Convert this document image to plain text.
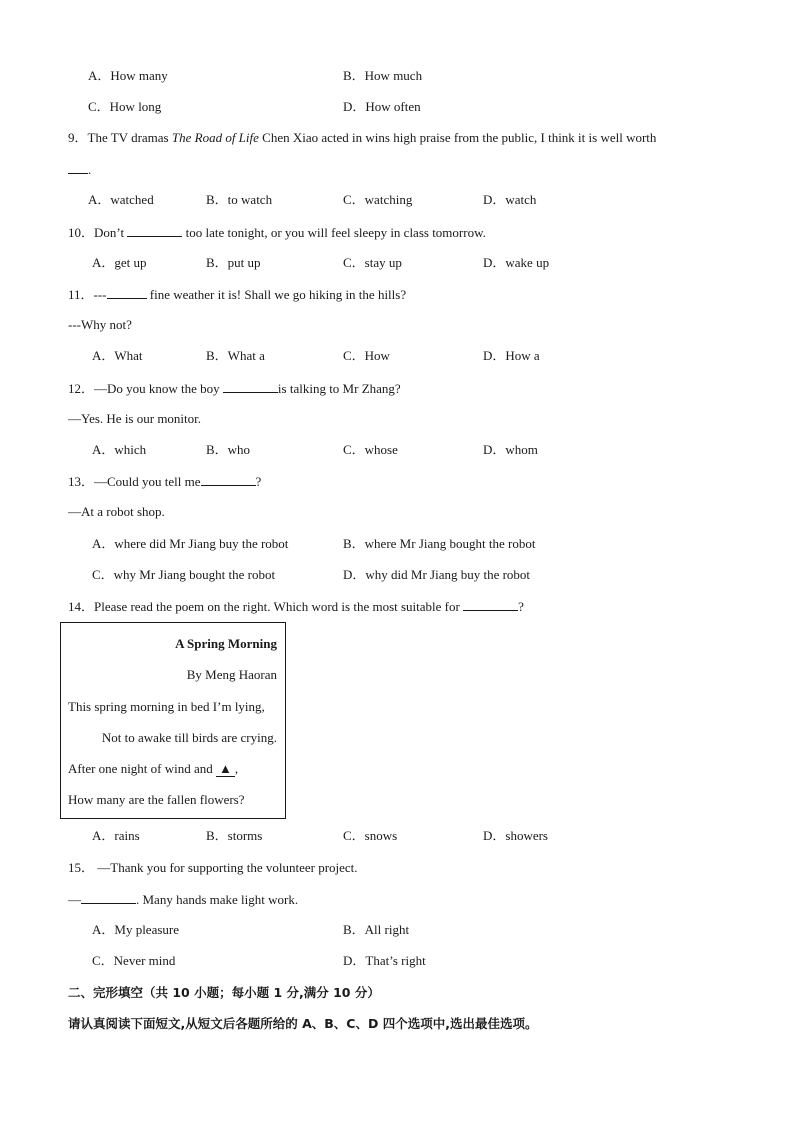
A．How many	B．How much
C．How long	D．How often
9．The TV dramas The Road of Life Chen Xiao acted in wins high praise from the public, I think it is well worth
.
A．watched	B．to watch	C．watching	D．watch
10．Don’t	too late tonight, or you will feel sleepy in class tomorrow.
A．get up	B．put up	C．stay up	D．wake up
11．---	fine weather it is! Shall we go hiking in the hills?
---Why not?
A．What	B．What a	C．How	D．How a
12．—Do you know the boy	is talking to Mr Zhang?
—Yes. He is our monitor.
A．which	B．who	C．whose	D．whom
13．—Could you tell me	?
—At a robot shop.
A．where did Mr Jiang buy the robot	B．where Mr Jiang bought the robot
C．why Mr Jiang bought the robot	D．why did Mr Jiang buy the robot
14．Please read the poem on the right. Which word is the most suitable for	?
A Spring Morning
By Meng Haoran
This spring morning in bed I’m lying,
Not to awake till birds are crying.
After one night of wind and ▲ ,
How many are the fallen flowers?
A．rains	B．storms	C．snows	D．showers
15． —Thank you for supporting the volunteer project.
—	. Many hands make light work.
A．My pleasure	B．All right
C．Never mind	D．That’s right
二、完形填空（共 10 小题；每小题 1 分,满分 10 分）
请认真阅读下面短文,从短文后各题所给的 A、B、C、D 四个选项中,选出最佳选项。
